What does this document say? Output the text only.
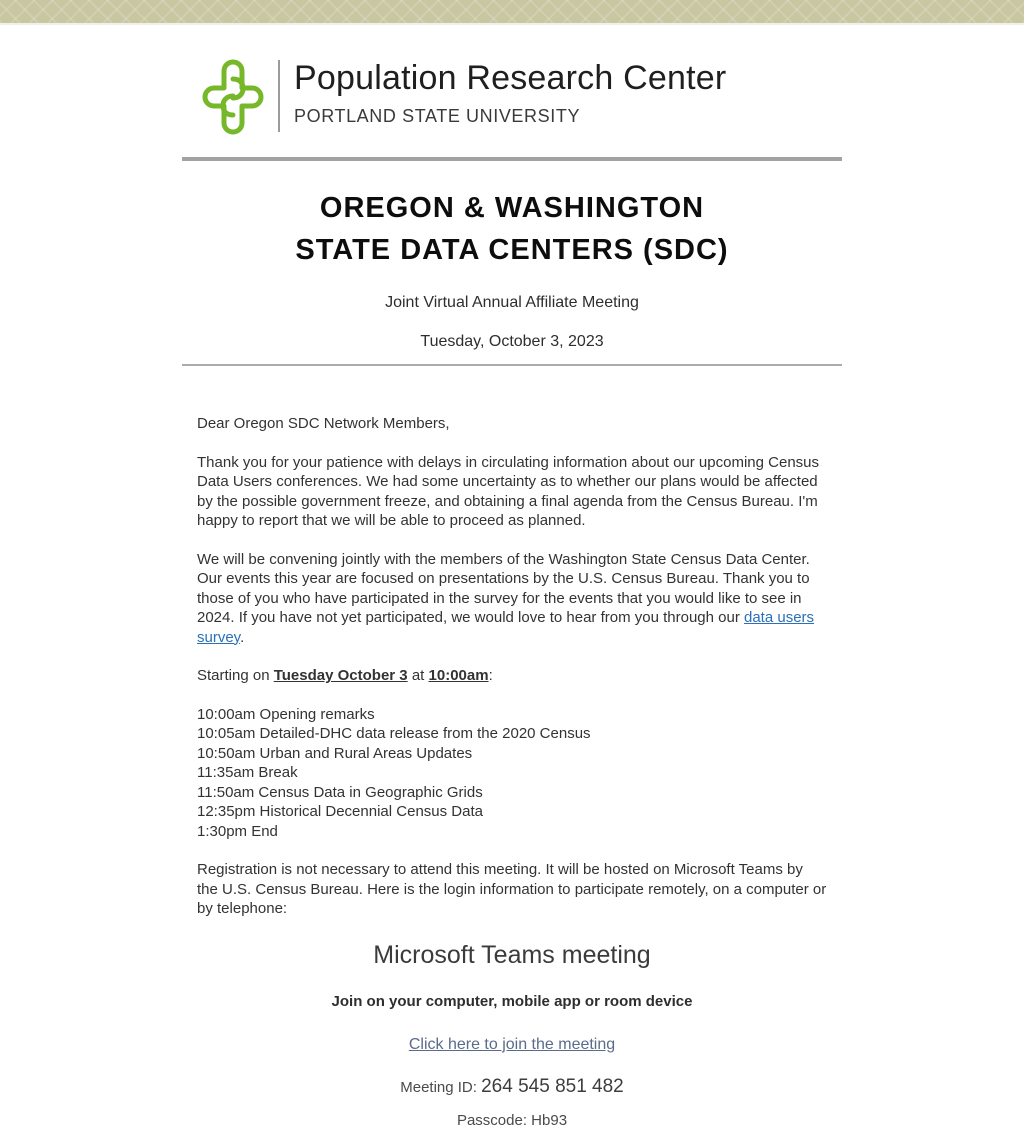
Population Research Center
PORTLAND STATE UNIVERSITY
OREGON & WASHINGTON
STATE DATA CENTERS (SDC)
Joint Virtual Annual Affiliate Meeting
Tuesday, October 3, 2023
Dear Oregon SDC Network Members,
Thank you for your patience with delays in circulating information about our upcoming Census Data Users conferences. We had some uncertainty as to whether our plans would be affected by the possible government freeze, and obtaining a final agenda from the Census Bureau. I'm happy to report that we will be able to proceed as planned.
We will be convening jointly with the members of the Washington State Census Data Center. Our events this year are focused on presentations by the U.S. Census Bureau. Thank you to those of you who have participated in the survey for the events that you would like to see in 2024. If you have not yet participated, we would love to hear from you through our data users survey.
Starting on Tuesday October 3 at 10:00am:
10:00am Opening remarks
10:05am Detailed-DHC data release from the 2020 Census
10:50am Urban and Rural Areas Updates
11:35am Break
11:50am Census Data in Geographic Grids
12:35pm Historical Decennial Census Data
1:30pm End
Registration is not necessary to attend this meeting. It will be hosted on Microsoft Teams by the U.S. Census Bureau. Here is the login information to participate remotely, on a computer or by telephone:
Microsoft Teams meeting
Join on your computer, mobile app or room device
Click here to join the meeting
Meeting ID: 264 545 851 482
Passcode: Hb93
